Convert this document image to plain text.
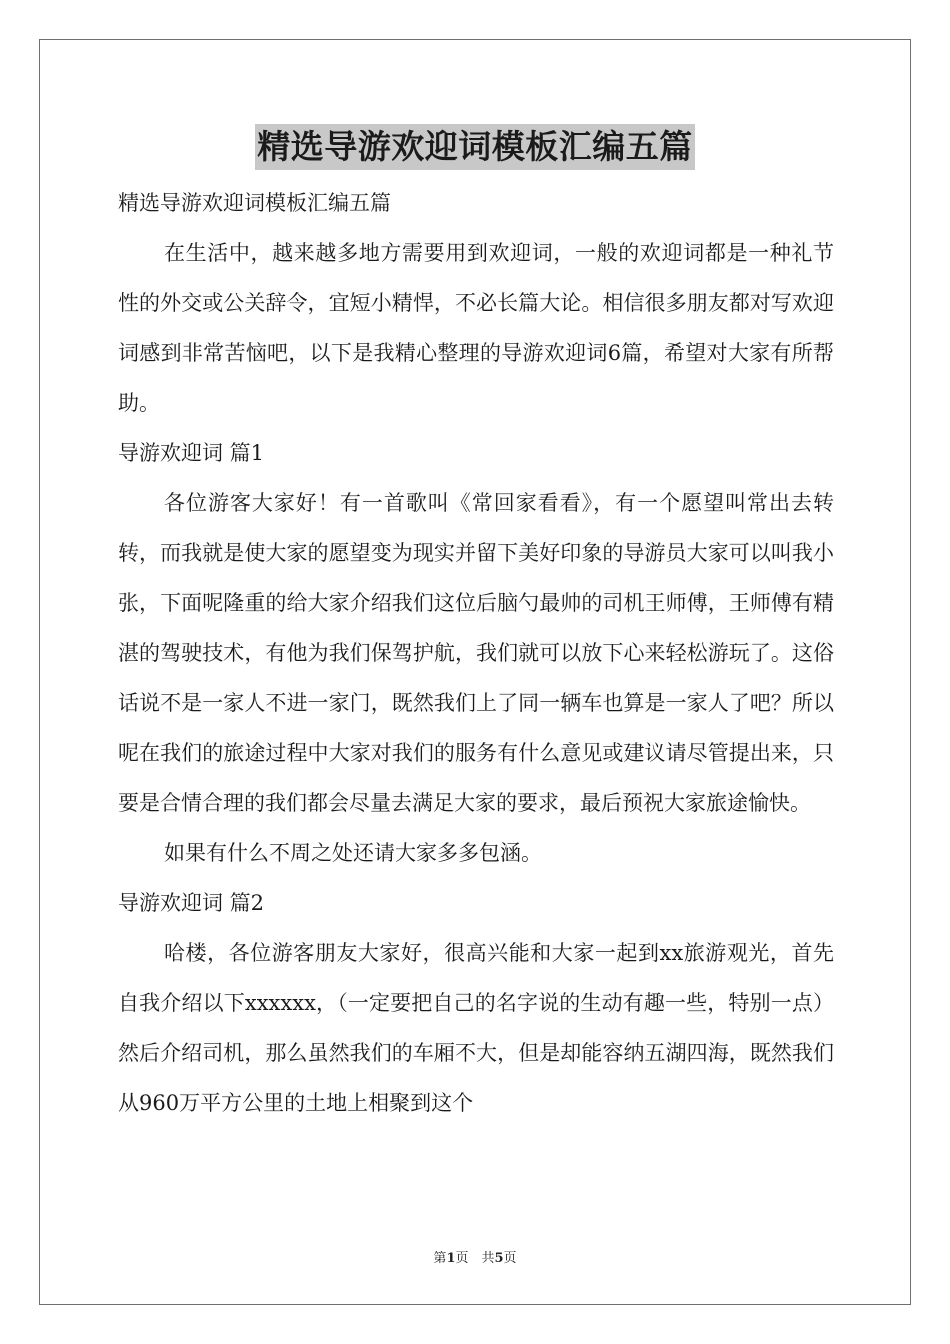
精选导游欢迎词模板汇编五篇

精选导游欢迎词模板汇编五篇

在生活中，越来越多地方需要用到欢迎词，一般的欢迎词都是一种礼节性的外交或公关辞令，宜短小精悍，不必长篇大论。相信很多朋友都对写欢迎词感到非常苦恼吧，以下是我精心整理的导游欢迎词6篇，希望对大家有所帮助。

导游欢迎词 篇1

各位游客大家好！有一首歌叫《常回家看看》，有一个愿望叫常出去转转，而我就是使大家的愿望变为现实并留下美好印象的导游员大家可以叫我小张，下面呢隆重的给大家介绍我们这位后脑勺最帅的司机王师傅，王师傅有精湛的驾驶技术，有他为我们保驾护航，我们就可以放下心来轻松游玩了。这俗话说不是一家人不进一家门，既然我们上了同一辆车也算是一家人了吧？所以呢在我们的旅途过程中大家对我们的服务有什么意见或建议请尽管提出来，只要是合情合理的我们都会尽量去满足大家的要求，最后预祝大家旅途愉快。

如果有什么不周之处还请大家多多包涵。

导游欢迎词 篇2

哈楼，各位游客朋友大家好，很高兴能和大家一起到xx旅游观光，首先自我介绍以下xxxxxx，（一定要把自己的名字说的生动有趣一些，特别一点）然后介绍司机，那么虽然我们的车厢不大，但是却能容纳五湖四海，既然我们从960万平方公里的土地上相聚到这个

第1页　共5页
